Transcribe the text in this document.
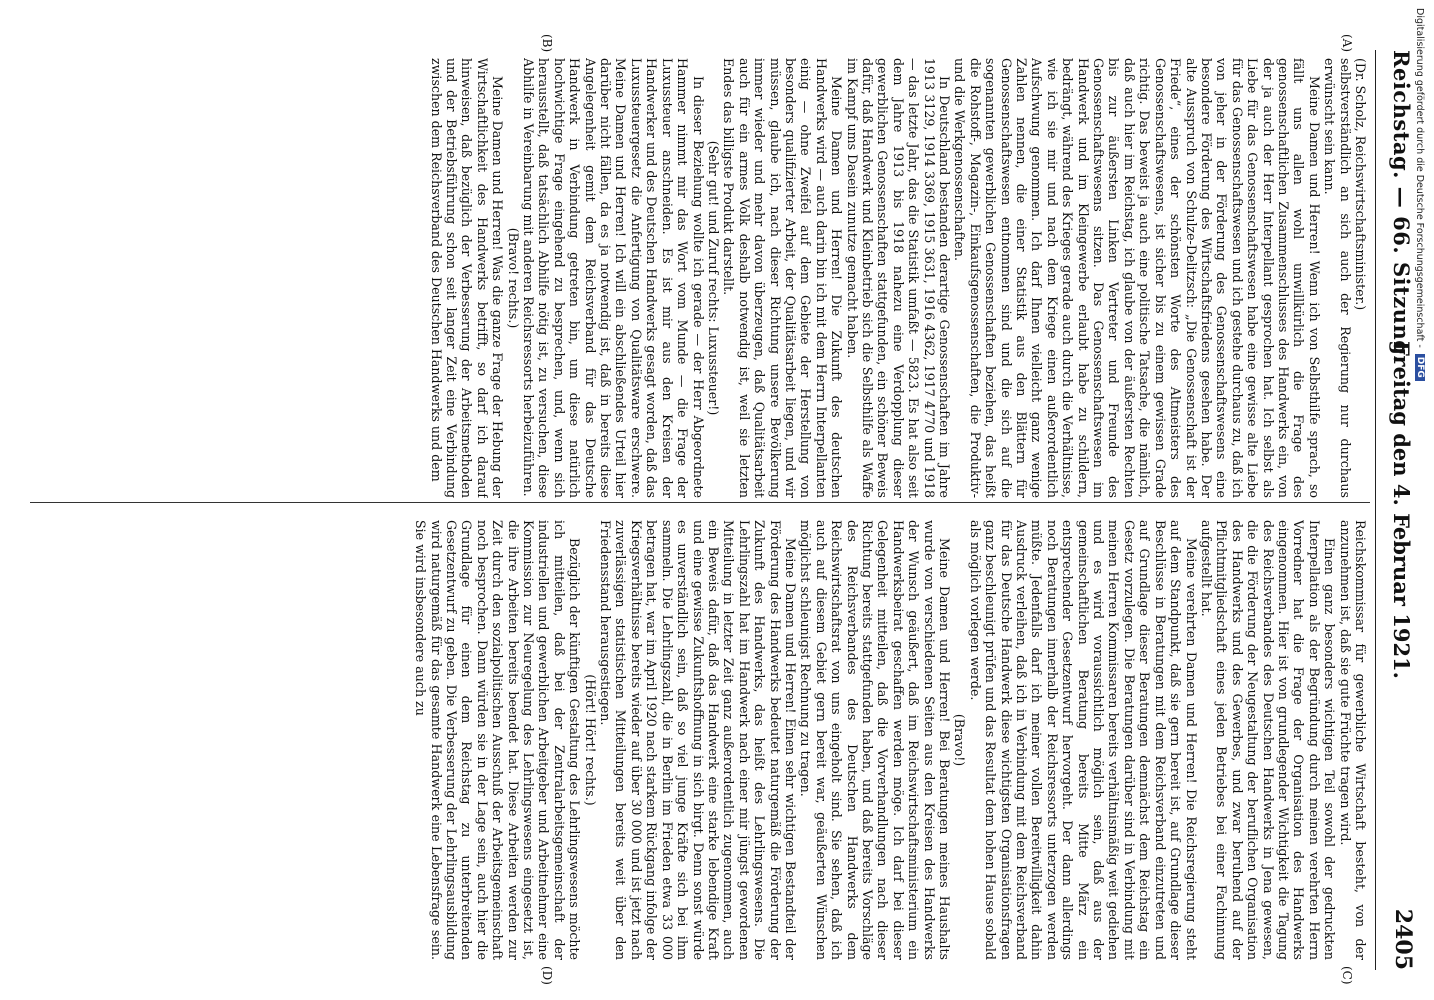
Reichstag. — 66. Sitzung.
Freitag den 4. Februar 1921.
2405
(A)
(B)
(C)
(D)

(Dr. Scholz, Reichswirtschaftsminister.)

selbstverständlich an sich auch der Regierung nur durchaus erwünscht sein kann.

Meine Damen und Herren! Wenn ich von Selbsthilfe sprach, so fällt uns allen wohl unwillkürlich die Frage des genossenschaftlichen Zusammenschlusses des Handwerks ein, von der ja auch der Herr Interpellant gesprochen hat. Ich selbst als Liebe für das Genossenschaftswesen habe eine gewisse alte Liebe für das Genossenschaftswesen und ich gestehe durchaus zu, daß ich von jeher in der Förderung des Genossenschaftswesens eine besondere Förderung des Wirtschaftsfriedens gesehen habe. Der alte Ausspruch von Schulze-Delitzsch: „Die Genossenschaft ist der Friede“, eines der schönsten Worte des Altmeisters des Genossenschaftswesens, ist sicher bis zu einem gewissen Grade richtig. Das beweist ja auch eine politische Tatsache, die nämlich, daß auch hier im Reichstag, ich glaube von der äußersten Rechten bis zur äußersten Linken Vertreter und Freunde des Genossenschaftswesens sitzen. Das Genossenschaftswesen im Handwerk und im Kleingewerbe erlaubt habe zu schildern, bedrängt, während des Krieges gerade auch durch die Verhältnisse, wie ich sie mir und nach dem Kriege einen außerordentlich Aufschwung genommen. Ich darf Ihnen vielleicht ganz wenige Zahlen nennen, die einer Statistik aus den Blättern für Genossenschaftswesen entnommen sind und die sich auf die sogenannten gewerblichen Genossenschaften beziehen, das heißt die Rohstoff-, Magazin-, Einkaufsgenossenschaften, die Produktiv- und die Werkgenossenschaften.

In Deutschland bestanden derartige Genossenschaften im Jahre 1913 3129, 1914 3369, 1915 3631, 1916 4362, 1917 4770 und 1918 — das letzte Jahr, das die Statistik umfaßt — 5823. Es hat also seit dem Jahre 1913 bis 1918 nahezu eine Verdopplung dieser gewerblichen Genossenschaften stattgefunden, ein schöner Beweis dafür, daß Handwerk und Kleinbetrieb sich die Selbsthilfe als Waffe im Kampf ums Dasein zunutze gemacht haben.

Meine Damen und Herren! Die Zukunft des deutschen Handwerks wird — auch darin bin ich mit dem Herrn Interpellanten einig — ohne Zweifel auf dem Gebiete der Herstellung von besonders qualifizierter Arbeit, der Qualitätsarbeit liegen, und wir müssen, glaube ich, nach dieser Richtung unsere Bevölkerung immer wieder und mehr davon überzeugen, daß Qualitätsarbeit auch für ein armes Volk deshalb notwendig ist, weil sie letzten Endes das billigste Produkt darstellt.

(Sehr gut! und Zuruf rechts: Luxussteuer!)

In dieser Beziehung wollte ich gerade — der Herr Abgeordnete Hammer nimmt mir das Wort vom Munde — die Frage der Luxussteuer anschneiden. Es ist mir aus den Kreisen der Handwerker und des Deutschen Handwerks gesagt worden, daß das Luxussteuergesetz die Anfertigung von Qualitätsware erschwere. Meine Damen und Herren! Ich will ein abschließendes Urteil hier darüber nicht fällen, da es ja notwendig ist, daß in bereits diese Angelegenheit gemit dem Reichsverband für das Deutsche Handwerk in Verbindung getreten bin, um diese natürlich hochwichtige Frage eingehend zu besprechen, und, wenn sich herausstellt, daß tatsächlich Abhilfe nötig ist, zu versuchen, diese Abhilfe in Vereinbarung mit anderen Reichsressorts herbeizuführen.

(Bravo! rechts.)

Meine Damen und Herren! Was die ganze Frage der Hebung der Wirtschaftlichkeit des Handwerks betrifft, so darf ich darauf hinweisen, daß bezüglich der Verbesserung der Arbeitsmethoden und der Betriebsführung schon seit langer Zeit eine Verbindung zwischen dem Reichsverband des Deutschen Handwerks und dem

Reichskommissar für gewerbliche Wirtschaft besteht, von der anzunehmen ist, daß sie gute Früchte tragen wird.

Einen ganz besonders wichtigen Teil sowohl der gedruckten Interpellation als der Begründung durch meinen verehrten Herrn Vorredner hat die Frage der Organisation des Handwerks eingenommen. Hier ist von grundlegender Wichtigkeit die Tagung des Reichsverbandes des Deutschen Handwerks in Jena gewesen, die die Förderung der Neugestaltung der beruflichen Organisation des Handwerks und des Gewerbes, und zwar beruhend auf der Pflichtmitgliedschaft eines jeden Betriebes bei einer Fachinnung aufgestellt hat.

Meine verehrten Damen und Herren! Die Reichsregierung steht auf dem Standpunkt, daß sie gern bereit ist, auf Grundlage dieser Beschlüsse in Beratungen mit dem Reichsverband einzutreten und auf Grundlage dieser Beratungen demnächst dem Reichstag ein Gesetz vorzulegen. Die Beratungen darüber sind in Verbindung mit meinen Herren Kommissaren bereits verhältnismäßig weit gediehen und es wird voraussichtlich möglich sein, daß aus der gemeinschaftlichen Beratung bereits Mitte März ein entsprechender Gesetzentwurf hervorgeht. Der dann allerdings noch Beratungen innerhalb der Reichsressorts unterzogen werden müßte. Jedenfalls darf ich meiner vollen Bereitwilligkeit dahin Ausdruck verleihen, daß ich in Verbindung mit dem Reichsverband für das Deutsche Handwerk diese wichtigsten Organisationsfragen ganz beschleunigt prüfen und das Resultat dem hohen Hause sobald als möglich vorlegen werde.

(Bravo!)

Meine Damen und Herren! Bei Beratungen meines Haushalts wurde von verschiedenen Seiten aus den Kreisen des Handwerks der Wunsch geäußert, daß im Reichswirtschaftsministerium ein Handwerksbeirat geschaffen werden möge. Ich darf bei dieser Gelegenheit mitteilen, daß die Vorverhandlungen nach dieser Richtung bereits stattgefunden haben, und daß bereits Vorschläge des Reichsverbandes des Deutschen Handwerks dem Reichswirtschaftsrat von uns eingeholt sind. Sie sehen, daß ich auch auf diesem Gebiet gern bereit war, geäußerten Wünschen möglichst schleunigst Rechnung zu tragen.

Meine Damen und Herren! Einen sehr wichtigen Bestandteil der Förderung des Handwerks bedeutet naturgemäß die Förderung der Zukunft des Handwerks, das heißt des Lehrlingswesens. Die Lehrlingszahl hat im Handwerk nach einer mir jüngst gewordenen Mitteilung in letzter Zeit ganz außerordentlich zugenommen, auch ein Beweis dafür, daß das Handwerk eine starke lebendige Kraft und eine gewisse Zukunftshoffnung in sich birgt. Denn sonst würde es unverständlich sein, daß so viel junge Kräfte sich bei ihm sammeln. Die Lehrlingszahl, die in Berlin im Frieden etwa 33 000 betragen hat, war im April 1920 nach starkem Rückgang infolge der Kriegsverhältnisse bereits wieder auf über 30 000 und ist jetzt nach zuverlässigen statistischen Mitteilungen bereits weit über den Friedensstand herausgestiegen.

(Hört! Hört! rechts.)

Bezüglich der künftigen Gestaltung des Lehrlingswesens möchte ich mitteilen, daß bei der Zentralarbeitsgemeinschaft der industriellen und gewerblichen Arbeitgeber und Arbeitnehmer eine Kommission zur Neuregelung des Lehrlingswesens eingesetzt ist, die ihre Arbeiten bereits beendet hat. Diese Arbeiten werden zur Zeit durch den sozialpolitischen Ausschuß der Arbeitsgemeinschaft noch besprochen. Dann würden sie in der Lage sein, auch hier die Grundlage für einen dem Reichstag zu unterbreitenden Gesetzentwurf zu geben. Die Verbesserung der Lehrlingsausbildung wird naturgemäß für das gesamte Handwerk eine Lebensfrage sein. Sie wird insbesondere auch zu

Digitalisierung gefördert durch die Deutsche Forschungsgemeinschaft -
DFG
